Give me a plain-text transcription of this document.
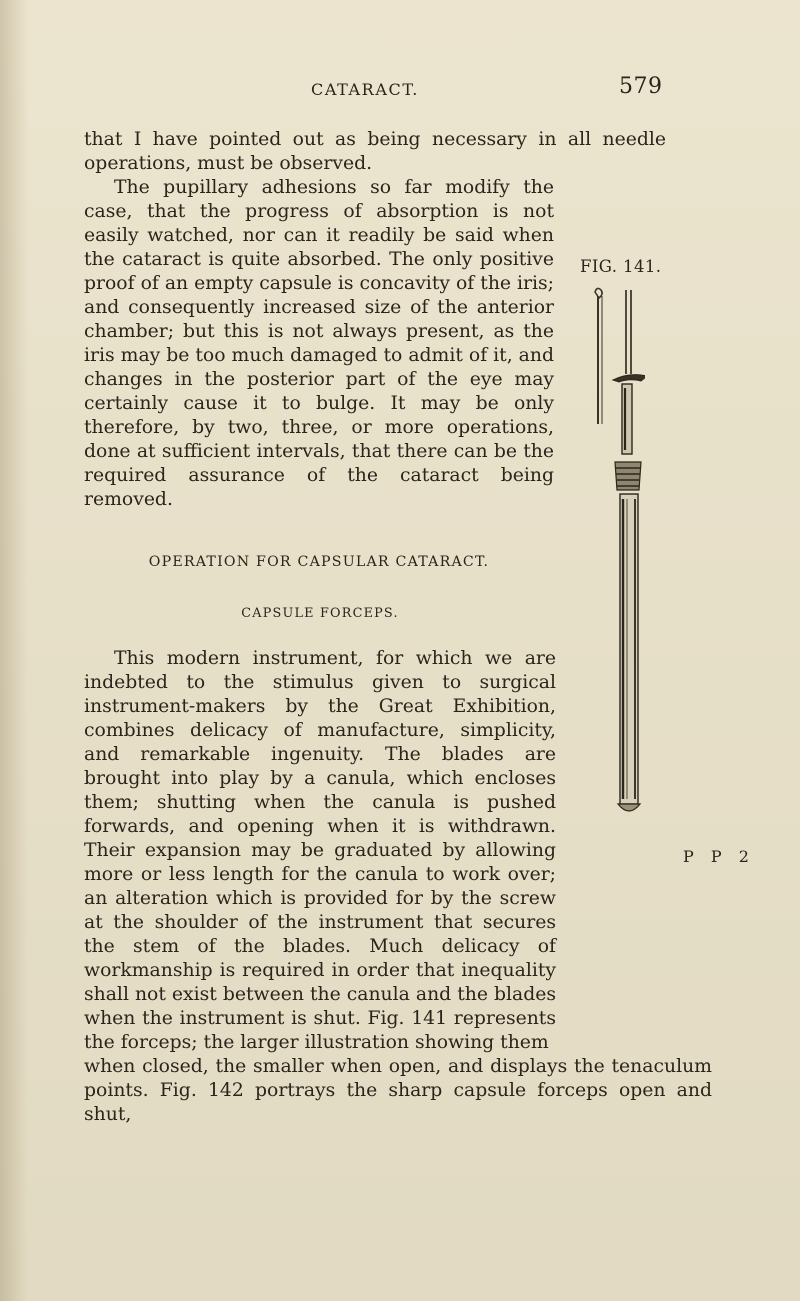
CATARACT.	579
FIG. 141.

that I have pointed out as being necessary in all needle operations, must be observed.

The pupillary adhesions so far modify the case, that the progress of absorption is not easily watched, nor can it readily be said when the cataract is quite absorbed. The only positive proof of an empty capsule is concavity of the iris; and consequently increased size of the anterior chamber; but this is not always present, as the iris may be too much damaged to admit of it, and changes in the posterior part of the eye may certainly cause it to bulge. It may be only therefore, by two, three, or more operations, done at sufficient intervals, that there can be the required assurance of the cataract being removed.

OPERATION FOR CAPSULAR CATARACT.

CAPSULE FORCEPS.

This modern instrument, for which we are indebted to the stimulus given to surgical instrument-makers by the Great Exhibition, combines delicacy of manufacture, simplicity, and remarkable ingenuity. The blades are brought into play by a canula, which encloses them; shutting when the canula is pushed forwards, and opening when it is withdrawn. Their expansion may be graduated by allowing more or less length for the canula to work over; an alteration which is provided for by the screw at the shoulder of the instrument that secures the stem of the blades. Much delicacy of workmanship is required in order that inequality shall not exist between the canula and the blades when the instrument is shut. Fig. 141 represents the forceps; the larger illustration showing them

when closed, the smaller when open, and displays the tenaculum points. Fig. 142 portrays the sharp capsule forceps open and shut,

P P 2
